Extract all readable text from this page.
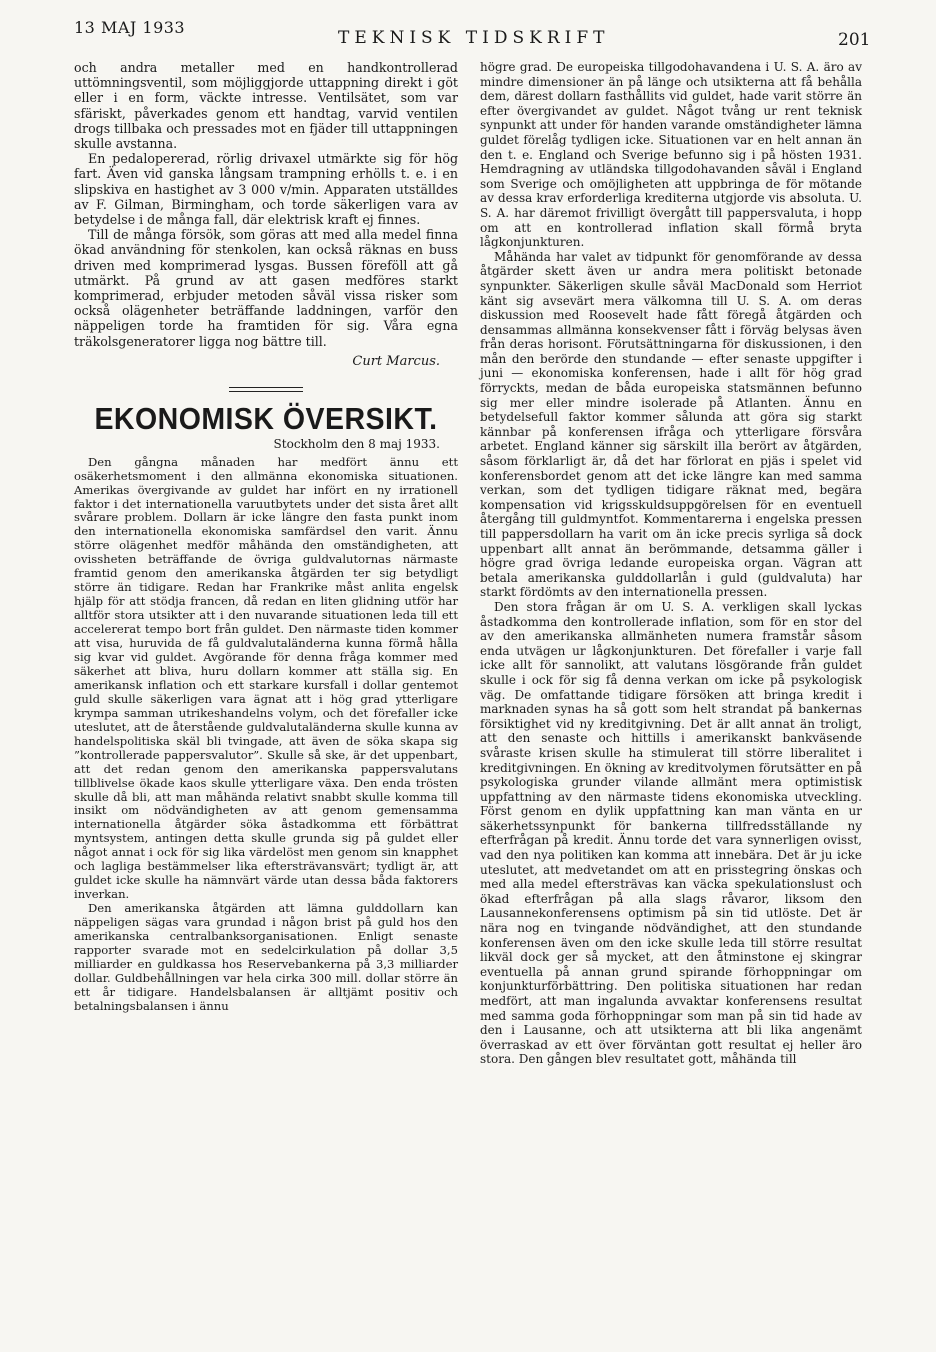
13 MAJ 1933
TEKNISK TIDSKRIFT	201

och andra metaller med en handkontrollerad uttömningsventil, som möjliggjorde uttappning direkt i göt eller i en form, väckte intresse. Ventilsätet, som var sfäriskt, påverkades genom ett handtag, varvid ventilen drogs tillbaka och pressades mot en fjäder till uttappningen skulle avstanna.

En pedalopererad, rörlig drivaxel utmärkte sig för hög fart. Även vid ganska långsam trampning erhölls t. e. i en slipskiva en hastighet av 3 000 v/min. Apparaten utställdes av F. Gilman, Birmingham, och torde säkerligen vara av betydelse i de många fall, där elektrisk kraft ej finnes.

Till de många försök, som göras att med alla medel finna ökad användning för stenkolen, kan också räknas en buss driven med komprimerad lysgas. Bussen föreföll att gå utmärkt. På grund av att gasen medföres starkt komprimerad, erbjuder metoden såväl vissa risker som också olägenheter beträffande laddningen, varför den näppeligen torde ha framtiden för sig. Våra egna träkolsgeneratorer ligga nog bättre till.

Curt Marcus.
EKONOMISK ÖVERSIKT.
Stockholm den 8 maj 1933.

Den gångna månaden har medfört ännu ett osäkerhetsmoment i den allmänna ekonomiska situationen. Amerikas övergivande av guldet har infört en ny irrationell faktor i det internationella varuutbytets under det sista året allt svårare problem. Dollarn är icke längre den fasta punkt inom den internationella ekonomiska samfärdsel den varit. Ännu större olägenhet medför måhända den omständigheten, att ovissheten beträffande de övriga guldvalutornas närmaste framtid genom den amerikanska åtgärden ter sig betydligt större än tidigare. Redan har Frankrike måst anlita engelsk hjälp för att stödja francen, då redan en liten glidning utför har alltför stora utsikter att i den nuvarande situationen leda till ett accelererat tempo bort från guldet. Den närmaste tiden kommer att visa, huruvida de få guldvalutaländerna kunna förmå hålla sig kvar vid guldet. Avgörande för denna fråga kommer med säkerhet att bliva, huru dollarn kommer att ställa sig. En amerikansk inflation och ett starkare kursfall i dollar gentemot guld skulle säkerligen vara ägnat att i hög grad ytterligare krympa samman utrikeshandelns volym, och det förefaller icke uteslutet, att de återstående guldvalutaländerna skulle kunna av handelspolitiska skäl bli tvingade, att även de söka skapa sig ”kontrollerade pappersvalutor”. Skulle så ske, är det uppenbart, att det redan genom den amerikanska pappersvalutans tillblivelse ökade kaos skulle ytterligare växa. Den enda trösten skulle då bli, att man måhända relativt snabbt skulle komma till insikt om nödvändigheten av att genom gemensamma internationella åtgärder söka åstadkomma ett förbättrat myntsystem, antingen detta skulle grunda sig på guldet eller något annat i ock för sig lika värdelöst men genom sin knapphet och lagliga bestämmelser lika eftersträvansvärt; tydligt är, att guldet icke skulle ha nämnvärt värde utan dessa båda faktorers inverkan.

Den amerikanska åtgärden att lämna gulddollarn kan näppeligen sägas vara grundad i någon brist på guld hos den amerikanska centralbanksorganisationen. Enligt senaste rapporter svarade mot en sedelcirkulation på dollar 3,5 milliarder en guldkassa hos Reservebankerna på 3,3 milliarder dollar. Guldbehållningen var hela cirka 300 mill. dollar större än ett år tidigare. Handelsbalansen är alltjämt positiv och betalningsbalansen i ännu

högre grad. De europeiska tillgodohavandena i U. S. A. äro av mindre dimensioner än på länge och utsikterna att få behålla dem, därest dollarn fasthållits vid guldet, hade varit större än efter övergivandet av guldet. Något tvång ur rent teknisk synpunkt att under för handen varande omständigheter lämna guldet förelåg tydligen icke. Situationen var en helt annan än den t. e. England och Sverige befunno sig i på hösten 1931. Hemdragning av utländska tillgodohavanden såväl i England som Sverige och omöjligheten att uppbringa de för mötande av dessa krav erforderliga krediterna utgjorde vis absoluta. U. S. A. har däremot frivilligt övergått till pappersvaluta, i hopp om att en kontrollerad inflation skall förmå bryta lågkonjunkturen.

Måhända har valet av tidpunkt för genomförande av dessa åtgärder skett även ur andra mera politiskt betonade synpunkter. Säkerligen skulle såväl MacDonald som Herriot känt sig avsevärt mera välkomna till U. S. A. om deras diskussion med Roosevelt hade fått föregå åtgärden och densammas allmänna konsekvenser fått i förväg belysas även från deras horisont. Förutsättningarna för diskussionen, i den mån den berörde den stundande — efter senaste uppgifter i juni — ekonomiska konferensen, hade i allt för hög grad förryckts, medan de båda europeiska statsmännen befunno sig mer eller mindre isolerade på Atlanten. Ännu en betydelsefull faktor kommer sålunda att göra sig starkt kännbar på konferensen ifråga och ytterligare försvåra arbetet. England känner sig särskilt illa berört av åtgärden, såsom förklarligt är, då det har förlorat en pjäs i spelet vid konferensbordet genom att det icke längre kan med samma verkan, som det tydligen tidigare räknat med, begära kompensation vid krigsskuldsuppgörelsen för en eventuell återgång till guldmyntfot. Kommentarerna i engelska pressen till pappersdollarn ha varit om än icke precis syrliga så dock uppenbart allt annat än berömmande, detsamma gäller i högre grad övriga ledande europeiska organ. Vägran att betala amerikanska gulddollarlån i guld (guldvaluta) har starkt fördömts av den internationella pressen.

Den stora frågan är om U. S. A. verkligen skall lyckas åstadkomma den kontrollerade inflation, som för en stor del av den amerikanska allmänheten numera framstår såsom enda utvägen ur lågkonjunkturen. Det förefaller i varje fall icke allt för sannolikt, att valutans lösgörande från guldet skulle i ock för sig få denna verkan om icke på psykologisk väg. De omfattande tidigare försöken att bringa kredit i marknaden synas ha så gott som helt strandat på bankernas försiktighet vid ny kreditgivning. Det är allt annat än troligt, att den senaste och hittills i amerikanskt bankväsende svåraste krisen skulle ha stimulerat till större liberalitet i kreditgivningen. En ökning av kreditvolymen förutsätter en på psykologiska grunder vilande allmänt mera optimistisk uppfattning av den närmaste tidens ekonomiska utveckling. Först genom en dylik uppfattning kan man vänta en ur säkerhetssynpunkt för bankerna tillfredsställande ny efterfrågan på kredit. Ännu torde det vara synnerligen ovisst, vad den nya politiken kan komma att innebära. Det är ju icke uteslutet, att medvetandet om att en prisstegring önskas och med alla medel eftersträvas kan väcka spekulationslust och ökad efterfrågan på alla slags råvaror, liksom den Lausannekonferensens optimism på sin tid utlöste. Det är nära nog en tvingande nödvändighet, att den stundande konferensen även om den icke skulle leda till större resultat likväl dock ger så mycket, att den åtminstone ej skingrar eventuella på annan grund spirande förhoppningar om konjunkturförbättring. Den politiska situationen har redan medfört, att man ingalunda avvaktar konferensens resultat med samma goda förhoppningar som man på sin tid hade av den i Lausanne, och att utsikterna att bli lika angenämt överraskad av ett över förväntan gott resultat ej heller äro stora. Den gången blev resultatet gott, måhända till
